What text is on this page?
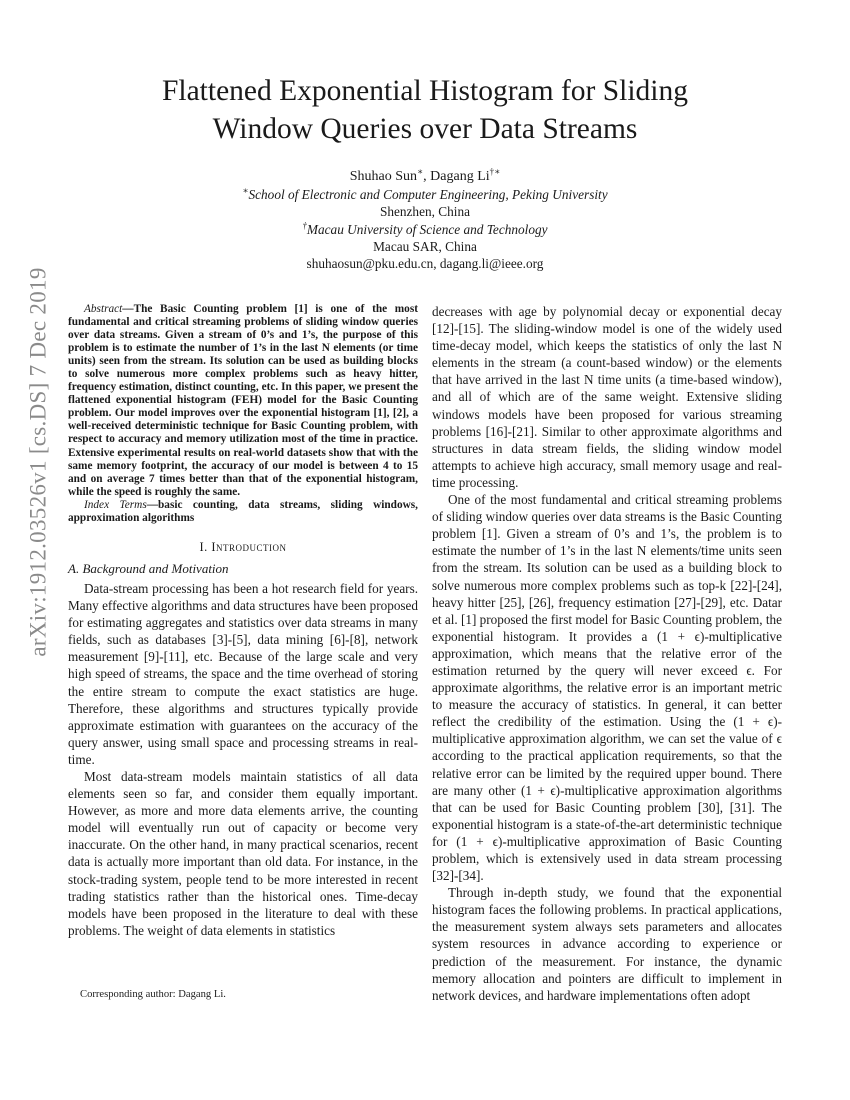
arXiv:1912.03526v1 [cs.DS] 7 Dec 2019
Flattened Exponential Histogram for Sliding
Window Queries over Data Streams
Shuhao Sun∗, Dagang Li†∗
∗School of Electronic and Computer Engineering, Peking University
Shenzhen, China
†Macau University of Science and Technology
Macau SAR, China
shuhaosun@pku.edu.cn, dagang.li@ieee.org

Abstract—The Basic Counting problem [1] is one of the most fundamental and critical streaming problems of sliding window queries over data streams. Given a stream of 0’s and 1’s, the purpose of this problem is to estimate the number of 1’s in the last N elements (or time units) seen from the stream. Its solution can be used as building blocks to solve numerous more complex problems such as heavy hitter, frequency estimation, distinct counting, etc. In this paper, we present the flattened exponential histogram (FEH) model for the Basic Counting problem. Our model improves over the exponential histogram [1], [2], a well-received deterministic technique for Basic Counting problem, with respect to accuracy and memory utilization most of the time in practice. Extensive experimental results on real-world datasets show that with the same memory footprint, the accuracy of our model is between 4 to 15 and on average 7 times better than that of the exponential histogram, while the speed is roughly the same.

Index Terms—basic counting, data streams, sliding windows, approximation algorithms

I. Introduction
A. Background and Motivation

Data-stream processing has been a hot research field for years. Many effective algorithms and data structures have been proposed for estimating aggregates and statistics over data streams in many fields, such as databases [3]-[5], data mining [6]-[8], network measurement [9]-[11], etc. Because of the large scale and very high speed of streams, the space and the time overhead of storing the entire stream to compute the exact statistics are huge. Therefore, these algorithms and structures typically provide approximate estimation with guarantees on the accuracy of the query answer, using small space and processing streams in real-time.

Most data-stream models maintain statistics of all data elements seen so far, and consider them equally important. However, as more and more data elements arrive, the counting model will eventually run out of capacity or become very inaccurate. On the other hand, in many practical scenarios, recent data is actually more important than old data. For instance, in the stock-trading system, people tend to be more interested in recent trading statistics rather than the historical ones. Time-decay models have been proposed in the literature to deal with these problems. The weight of data elements in statistics

decreases with age by polynomial decay or exponential decay [12]-[15]. The sliding-window model is one of the widely used time-decay model, which keeps the statistics of only the last N elements in the stream (a count-based window) or the elements that have arrived in the last N time units (a time-based window), and all of which are of the same weight. Extensive sliding windows models have been proposed for various streaming problems [16]-[21]. Similar to other approximate algorithms and structures in data stream fields, the sliding window model attempts to achieve high accuracy, small memory usage and real-time processing.

One of the most fundamental and critical streaming problems of sliding window queries over data streams is the Basic Counting problem [1]. Given a stream of 0’s and 1’s, the problem is to estimate the number of 1’s in the last N elements/time units seen from the stream. Its solution can be used as a building block to solve numerous more complex problems such as top-k [22]-[24], heavy hitter [25], [26], frequency estimation [27]-[29], etc. Datar et al. [1] proposed the first model for Basic Counting problem, the exponential histogram. It provides a (1 + ϵ)-multiplicative approximation, which means that the relative error of the estimation returned by the query will never exceed ϵ. For approximate algorithms, the relative error is an important metric to measure the accuracy of statistics. In general, it can better reflect the credibility of the estimation. Using the (1 + ϵ)-multiplicative approximation algorithm, we can set the value of ϵ according to the practical application requirements, so that the relative error can be limited by the required upper bound. There are many other (1 + ϵ)-multiplicative approximation algorithms that can be used for Basic Counting problem [30], [31]. The exponential histogram is a state-of-the-art deterministic technique for (1 + ϵ)-multiplicative approximation of Basic Counting problem, which is extensively used in data stream processing [32]-[34].

Through in-depth study, we found that the exponential histogram faces the following problems. In practical applications, the measurement system always sets parameters and allocates system resources in advance according to experience or prediction of the measurement. For instance, the dynamic memory allocation and pointers are difficult to implement in network devices, and hardware implementations often adopt

Corresponding author: Dagang Li.
